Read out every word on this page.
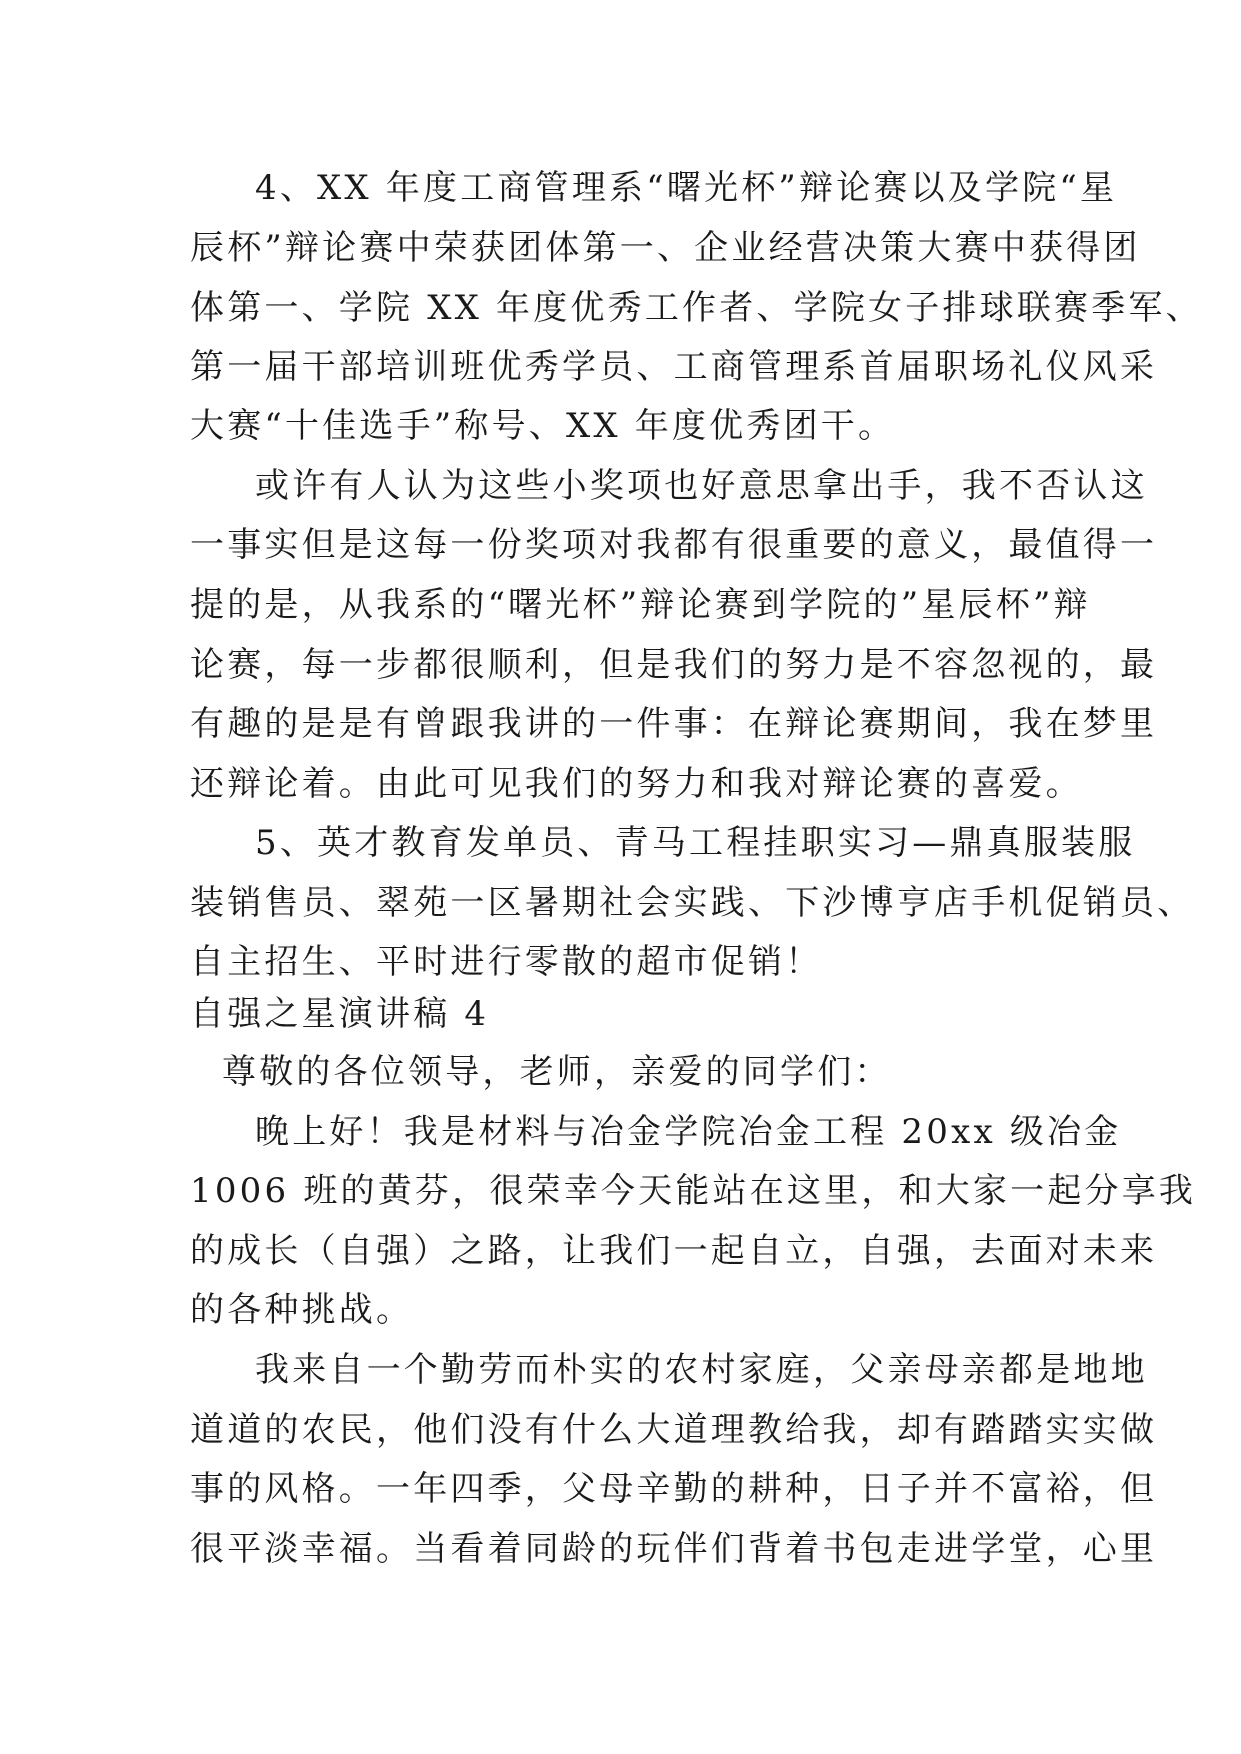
4、XX 年度工商管理系“曙光杯”辩论赛以及学院“星

辰杯”辩论赛中荣获团体第一、企业经营决策大赛中获得团

体第一、学院 XX 年度优秀工作者、学院女子排球联赛季军、

第一届干部培训班优秀学员、工商管理系首届职场礼仪风采

大赛“十佳选手”称号、XX 年度优秀团干。

或许有人认为这些小奖项也好意思拿出手，我不否认这

一事实但是这每一份奖项对我都有很重要的意义，最值得一

提的是，从我系的“曙光杯”辩论赛到学院的”星辰杯”辩

论赛，每一步都很顺利，但是我们的努力是不容忽视的，最

有趣的是是有曾跟我讲的一件事：在辩论赛期间，我在梦里

还辩论着。由此可见我们的努力和我对辩论赛的喜爱。

5、英才教育发单员、青马工程挂职实习—鼎真服装服

装销售员、翠苑一区暑期社会实践、下沙博亨店手机促销员、

自主招生、平时进行零散的超市促销！

自强之星演讲稿 4

尊敬的各位领导，老师，亲爱的同学们：

晚上好！我是材料与冶金学院冶金工程 20xx 级冶金

1006 班的黄芬，很荣幸今天能站在这里，和大家一起分享我

的成长（自强）之路，让我们一起自立，自强，去面对未来

的各种挑战。

我来自一个勤劳而朴实的农村家庭，父亲母亲都是地地

道道的农民，他们没有什么大道理教给我，却有踏踏实实做

事的风格。一年四季，父母辛勤的耕种，日子并不富裕，但

很平淡幸福。当看着同龄的玩伴们背着书包走进学堂，心里
